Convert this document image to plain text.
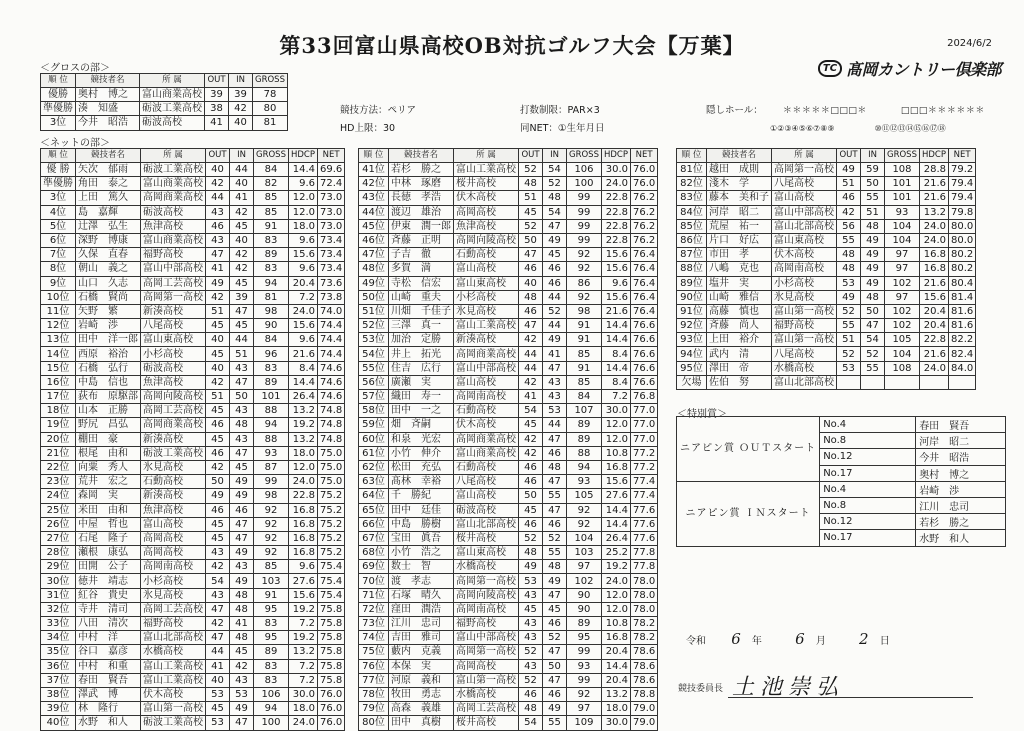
第33回富山県高校OB対抗ゴルフ大会【万葉】	2024/6/2
TC 髙岡カントリー倶楽部
＜グロスの部＞
順 位	競技者名	所 属	OUT	IN	GROSS
優勝	奥村　博之	富山商業高校	39	39	78
準優勝	湊　知盛	砺波工業高校	38	42	80
3位	今井　昭浩	砺波高校	41	40	81
競技方法：ペリア
HD上限：30
打数制限：PAR×3
同NET：①生年月日
隠しホール： ＊＊＊＊＊□□□＊	□□□＊＊＊＊＊＊
①②③④⑤⑥⑦⑧⑨	⑩⑪⑫⑬⑭⑮⑯⑰⑱
＜ネットの部＞
順 位	競技者名	所 属	OUT	IN	GROSS	HDCP	NET
優 勝	矢次　郁雨	砺波工業高校	40	44	84	14.4	69.6
準優勝	角田　泰之	富山商業高校	42	40	82	9.6	72.4
3位	上田　篤久	高岡商業高校	44	41	85	12.0	73.0
4位	島　嘉輝	砺波高校	43	42	85	12.0	73.0
5位	辻澤　弘生	魚津高校	46	45	91	18.0	73.0
6位	深野　博康	富山商業高校	43	40	83	9.6	73.4
7位	久保　直春	福野高校	47	42	89	15.6	73.4
8位	朝山　義之	富山中部高校	41	42	83	9.6	73.4
9位	山口　久志	高岡工芸高校	49	45	94	20.4	73.6
10位	石橋　賢尚	高岡第一高校	42	39	81	7.2	73.8
11位	矢野　繁	新湊高校	51	47	98	24.0	74.0
12位	岩崎　渉	八尾高校	45	45	90	15.6	74.4
13位	田中　洋一郎	富山東高校	40	44	84	9.6	74.4
14位	西原　裕治	小杉高校	45	51	96	21.6	74.4
15位	石橋　弘行	砺波高校	40	43	83	8.4	74.6
16位	中島　信也	魚津高校	42	47	89	14.4	74.6
17位	荻布　原駆部	高岡向陵高校	51	50	101	26.4	74.6
18位	山本　正勝	高岡工芸高校	45	43	88	13.2	74.8
19位	野尻　昌弘	高岡商業高校	46	48	94	19.2	74.8
20位	棚田　豪	新湊高校	45	43	88	13.2	74.8
21位	根尾　由和	砺波工業高校	46	47	93	18.0	75.0
22位	向粟　秀人	氷見高校	42	45	87	12.0	75.0
23位	荒井　宏之	石動高校	50	49	99	24.0	75.0
24位	森岡　実	新湊高校	49	49	98	22.8	75.2
25位	米田　由和	魚津高校	46	46	92	16.8	75.2
26位	中屋　哲也	富山高校	45	47	92	16.8	75.2
27位	石尾　隆子	高岡高校	45	47	92	16.8	75.2
28位	瀬根　康弘	高岡高校	43	49	92	16.8	75.2
29位	田開　公子	高岡南高校	42	43	85	9.6	75.4
30位	徳井　靖志	小杉高校	54	49	103	27.6	75.4
31位	紅谷　貴史	氷見高校	43	48	91	15.6	75.4
32位	寺井　清司	高岡工芸高校	47	48	95	19.2	75.8
33位	八田　清次	福野高校	42	41	83	7.2	75.8
34位	中村　洋	富山北部高校	47	48	95	19.2	75.8
35位	谷口　嘉彦	水橋高校	44	45	89	13.2	75.8
36位	中村　和重	富山工業高校	41	42	83	7.2	75.8
37位	春田　賢吾	富山工業高校	40	43	83	7.2	75.8
38位	澤武　博	伏木高校	53	53	106	30.0	76.0
39位	林　隆行	富山第一高校	45	49	94	18.0	76.0
40位	水野　和人	砺波工業高校	53	47	100	24.0	76.0
順 位	競技者名	所 属	OUT	IN	GROSS	HDCP	NET
41位	若杉　勝之	富山工業高校	52	54	106	30.0	76.0
42位	中林　琢磨	桜井高校	48	52	100	24.0	76.0
43位	長徳　孝浩	伏木高校	51	48	99	22.8	76.2
44位	渡辺　雄治	高岡高校	45	54	99	22.8	76.2
45位	伊東　潤一郎	魚津高校	52	47	99	22.8	76.2
46位	斉藤　正明	高岡向陵高校	50	49	99	22.8	76.2
47位	子吉　徹	石動高校	47	45	92	15.6	76.4
48位	多賀　満	富山高校	46	46	92	15.6	76.4
49位	寺松　信宏	富山東高校	40	46	86	9.6	76.4
50位	山崎　重夫	小杉高校	48	44	92	15.6	76.4
51位	川畑　千佳子	氷見高校	46	52	98	21.6	76.4
52位	三澤　真一	富山工業高校	47	44	91	14.4	76.6
53位	加治　定勝	新湊高校	42	49	91	14.4	76.6
54位	井上　拓光	高岡商業高校	44	41	85	8.4	76.6
55位	住吉　広行	富山中部高校	44	47	91	14.4	76.6
56位	廣瀬　実	富山高校	42	43	85	8.4	76.6
57位	織田　寿一	高岡南高校	41	43	84	7.2	76.8
58位	田中　一之	石動高校	54	53	107	30.0	77.0
59位	畑　斉嗣	伏木高校	45	44	89	12.0	77.0
60位	和泉　光宏	高岡商業高校	42	47	89	12.0	77.0
61位	小竹　伸介	富山商業高校	42	46	88	10.8	77.2
62位	松田　充弘	石動高校	46	48	94	16.8	77.2
63位	髙林　幸裕	八尾高校	46	47	93	15.6	77.4
64位	千　勝紀	富山高校	50	55	105	27.6	77.4
65位	田中　廷佳	砺波高校	45	47	92	14.4	77.6
66位	中島　勝樹	富山北部高校	46	46	92	14.4	77.6
67位	宝田　眞吾	桜井高校	52	52	104	26.4	77.6
68位	小竹　浩之	富山東高校	48	55	103	25.2	77.8
69位	数士　智	水橋高校	49	48	97	19.2	77.8
70位	渡　孝志	高岡第一高校	53	49	102	24.0	78.0
71位	石塚　晴久	高岡向陵高校	43	47	90	12.0	78.0
72位	窪田　潤浩	高岡南高校	45	45	90	12.0	78.0
73位	江川　忠司	福野高校	43	46	89	10.8	78.2
74位	吉田　雅司	富山中部高校	43	52	95	16.8	78.2
75位	藪内　克義	高岡第一高校	52	47	99	20.4	78.6
76位	本保　実	高岡高校	43	50	93	14.4	78.6
77位	河原　義和	富山第一高校	52	47	99	20.4	78.6
78位	牧田　勇志	水橋高校	46	46	92	13.2	78.8
79位	高森　義雄	高岡工芸高校	48	49	97	18.0	79.0
80位	田中　真樹	桜井高校	54	55	109	30.0	79.0
順 位	競技者名	所 属	OUT	IN	GROSS	HDCP	NET
81位	越田　成則	高岡第一高校	49	59	108	28.8	79.2
82位	淺木　学	八尾高校	51	50	101	21.6	79.4
83位	藤本　美和子	富山高校	46	55	101	21.6	79.4
84位	河岸　昭二	富山中部高校	42	51	93	13.2	79.8
85位	荒屋　祐一	富山北部高校	56	48	104	24.0	80.0
86位	片口　好広	富山東高校	55	49	104	24.0	80.0
87位	市田　孝	伏木高校	48	49	97	16.8	80.2
88位	八嶋　克也	高岡南高校	48	49	97	16.8	80.2
89位	塩井　実	小杉高校	53	49	102	21.6	80.4
90位	山崎　雅信	氷見高校	49	48	97	15.6	81.4
91位	高藤　慎也	富山第一高校	52	50	102	20.4	81.6
92位	斉藤　尚人	福野高校	55	47	102	20.4	81.6
93位	上田　裕介	富山第一高校	51	54	105	22.8	82.2
94位	武内　清	八尾高校	52	52	104	21.6	82.4
95位	澤田　帝	水橋高校	53	55	108	24.0	84.0
欠場	佐伯　努	富山北部高校					
＜特別賞＞
ニアピン賞 ＯＵＴスタート	No.4	春田　賢吾
	No.8	河岸　昭二
	No.12	今井　昭浩
	No.17	奥村　博之
ニアピン賞 ＩＮスタート	No.4	岩崎　渉
	No.8	江川　忠司
	No.12	若杉　勝之
	No.17	水野　和人
令和 6 年 6 月 2 日
競技委員長 土池崇弘
